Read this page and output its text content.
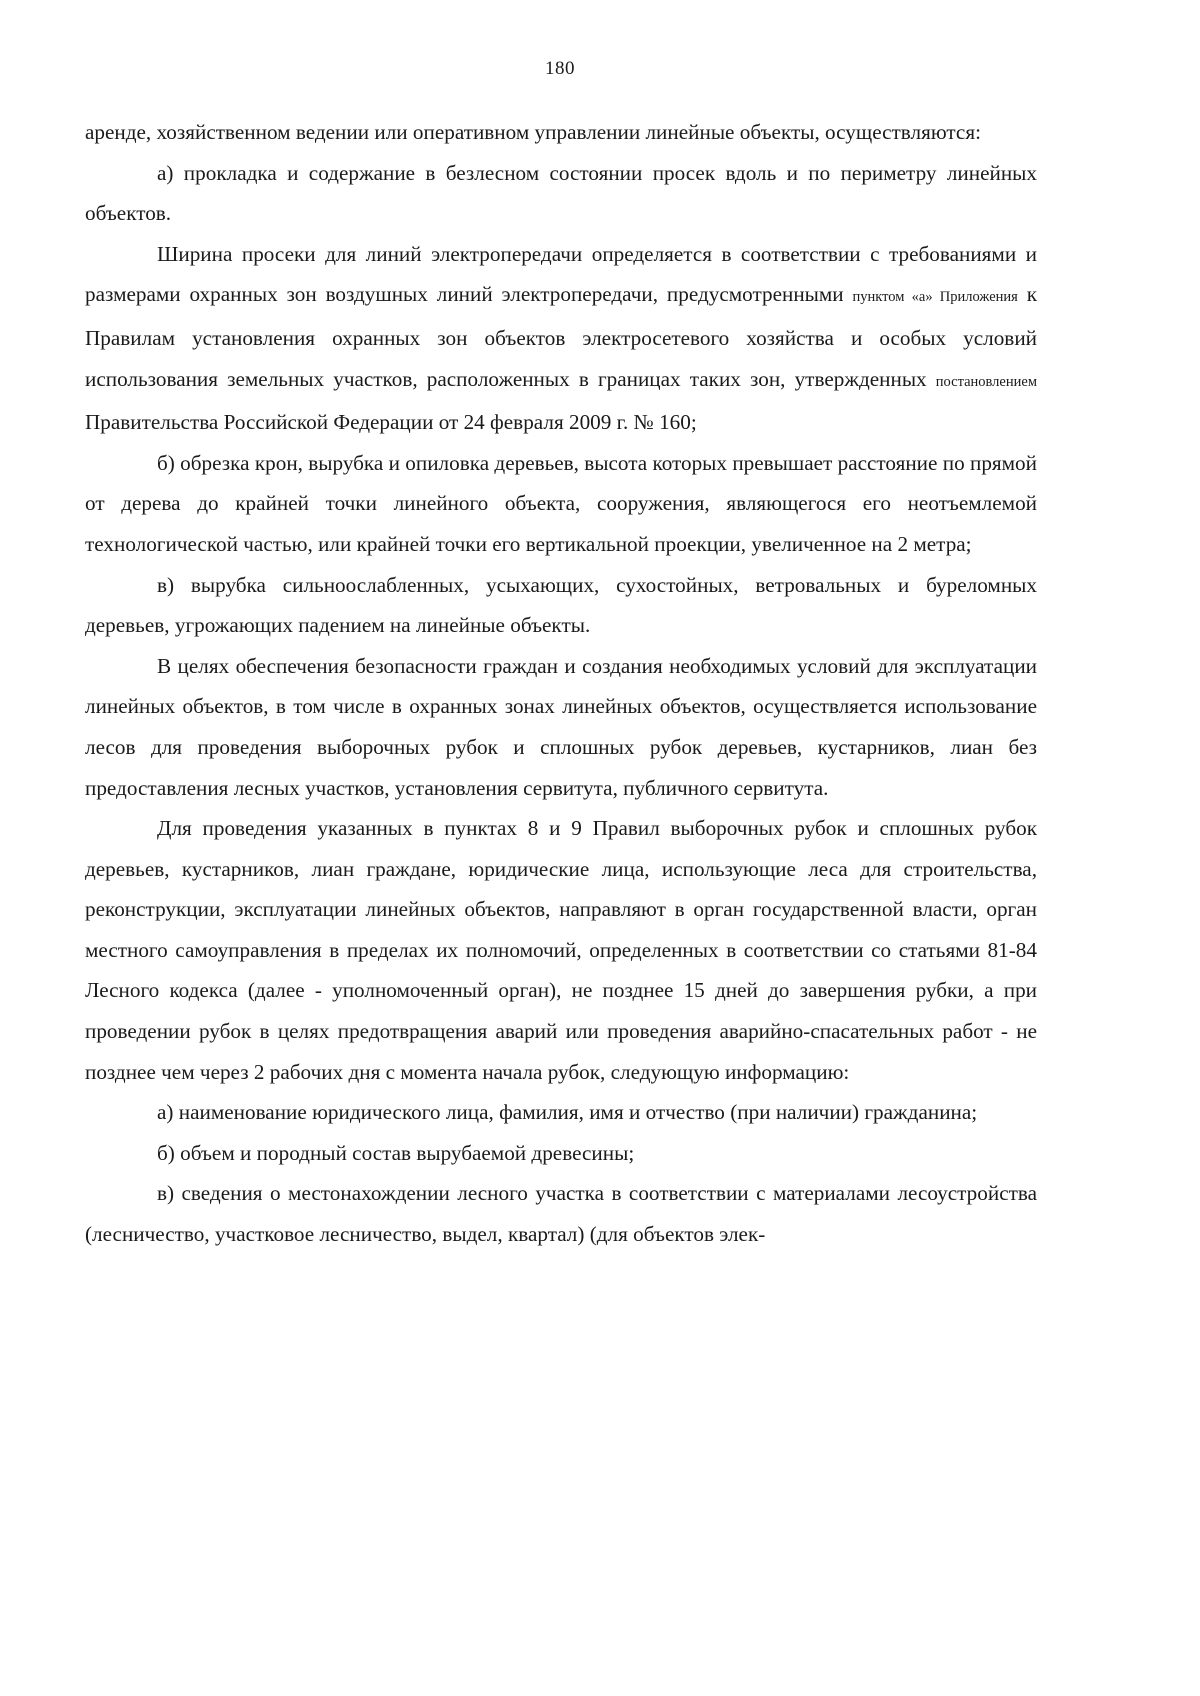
180

аренде, хозяйственном ведении или оперативном управлении линейные объекты, осуществляются:

а) прокладка и содержание в безлесном состоянии просек вдоль и по периметру линейных объектов.

Ширина просеки для линий электропередачи определяется в соответствии с требованиями и размерами охранных зон воздушных линий электропередачи, предусмотренными пунктом «а» Приложения к Правилам установления охранных зон объектов электросетевого хозяйства и особых условий использования земельных участков, расположенных в границах таких зон, утвержденных постановлением Правительства Российской Федерации от 24 февраля 2009 г. № 160;

б) обрезка крон, вырубка и опиловка деревьев, высота которых превышает расстояние по прямой от дерева до крайней точки линейного объекта, сооружения, являющегося его неотъемлемой технологической частью, или крайней точки его вертикальной проекции, увеличенное на 2 метра;

в) вырубка сильноослабленных, усыхающих, сухостойных, ветровальных и буреломных деревьев, угрожающих падением на линейные объекты.

В целях обеспечения безопасности граждан и создания необходимых условий для эксплуатации линейных объектов, в том числе в охранных зонах линейных объектов, осуществляется использование лесов для проведения выборочных рубок и сплошных рубок деревьев, кустарников, лиан без предоставления лесных участков, установления сервитута, публичного сервитута.

Для проведения указанных в пунктах 8 и 9 Правил выборочных рубок и сплошных рубок деревьев, кустарников, лиан граждане, юридические лица, использующие леса для строительства, реконструкции, эксплуатации линейных объектов, направляют в орган государственной власти, орган местного самоуправления в пределах их полномочий, определенных в соответствии со статьями 81-84 Лесного кодекса (далее - уполномоченный орган), не позднее 15 дней до завершения рубки, а при проведении рубок в целях предотвращения аварий или проведения аварийно-спасательных работ - не позднее чем через 2 рабочих дня с момента начала рубок, следующую информацию:

а) наименование юридического лица, фамилия, имя и отчество (при наличии) гражданина;

б) объем и породный состав вырубаемой древесины;

в) сведения о местонахождении лесного участка в соответствии с материалами лесоустройства (лесничество, участковое лесничество, выдел, квартал) (для объектов элек-
